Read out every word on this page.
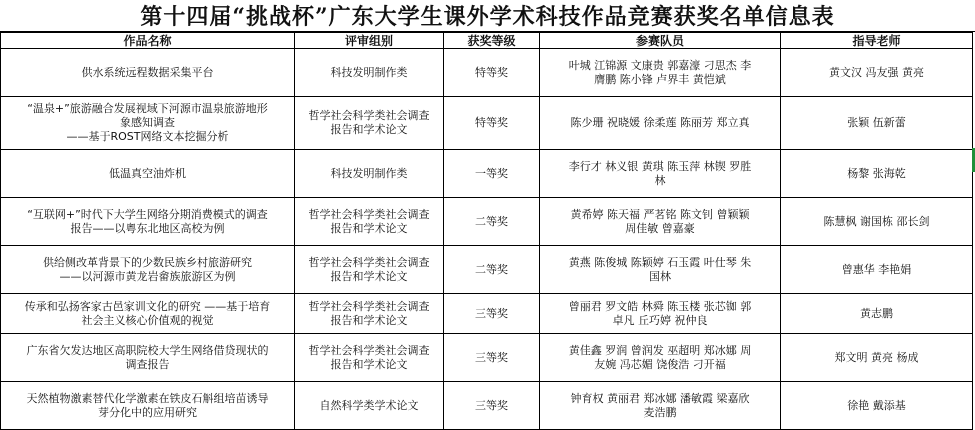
第十四届“挑战杯”广东大学生课外学术科技作品竞赛获奖名单信息表
作品名称	评审组别	获奖等级	参赛队员	指导老师

供水系统远程数据采集平台	科技发明制作类	特等奖	叶城 江锦源 文康贵 郭嘉濠 刁思杰 李
膺鹏 陈小锋 卢界丰 黄恺斌	黄文汉 冯友强 黄亮

“温泉+”旅游融合发展视域下河源市温泉旅游地形
象感知调查
——基于ROST网络文本挖掘分析	哲学社会科学类社会调查
报告和学术论文	特等奖	陈少珊 祝晓媛 徐柔莲 陈丽芳 郑立真	张颖 伍新蕾

低温真空油炸机	科技发明制作类	一等奖	李行才 林义银 黄琪 陈玉萍 林锲 罗胜
林	杨黎 张海乾

“互联网+”时代下大学生网络分期消费模式的调查
报告——以粤东北地区高校为例	哲学社会科学类社会调查
报告和学术论文	二等奖	黄希婷 陈天福 严茗铭 陈文钊 曾颖颖
周佳敏 曾嘉豪	陈慧枫 谢国栋 邵长剑

供给侧改革背景下的少数民族乡村旅游研究
——以河源市黄龙岩畲族旅游区为例	哲学社会科学类社会调查
报告和学术论文	二等奖	黄燕 陈俊城 陈颖婷 石玉霞 叶仕琴 朱
国林	曾惠华 李艳娟

传承和弘扬客家古邑家训文化的研究 ——基于培育
社会主义核心价值观的视觉	哲学社会科学类社会调查
报告和学术论文	三等奖	曾丽君 罗文皓 林舜 陈玉楼 张芯铷 郭
卓凡 丘巧婷 祝仲良	黄志鹏

广东省欠发达地区高职院校大学生网络借贷现状的
调查报告	哲学社会科学类社会调查
报告和学术论文	三等奖	黄佳鑫 罗润 曾润发 巫超明 郑冰娜 周
友婉 冯芯媚 饶俊浩 刁开福	郑文明 黄亮 杨成

天然植物激素替代化学激素在铁皮石斛组培苗诱导
芽分化中的应用研究	自然科学类学术论文	三等奖	钟育权 黄丽君 郑冰娜 潘敏霞 梁嘉欣
麦浩鹏	徐艳 戴添基
